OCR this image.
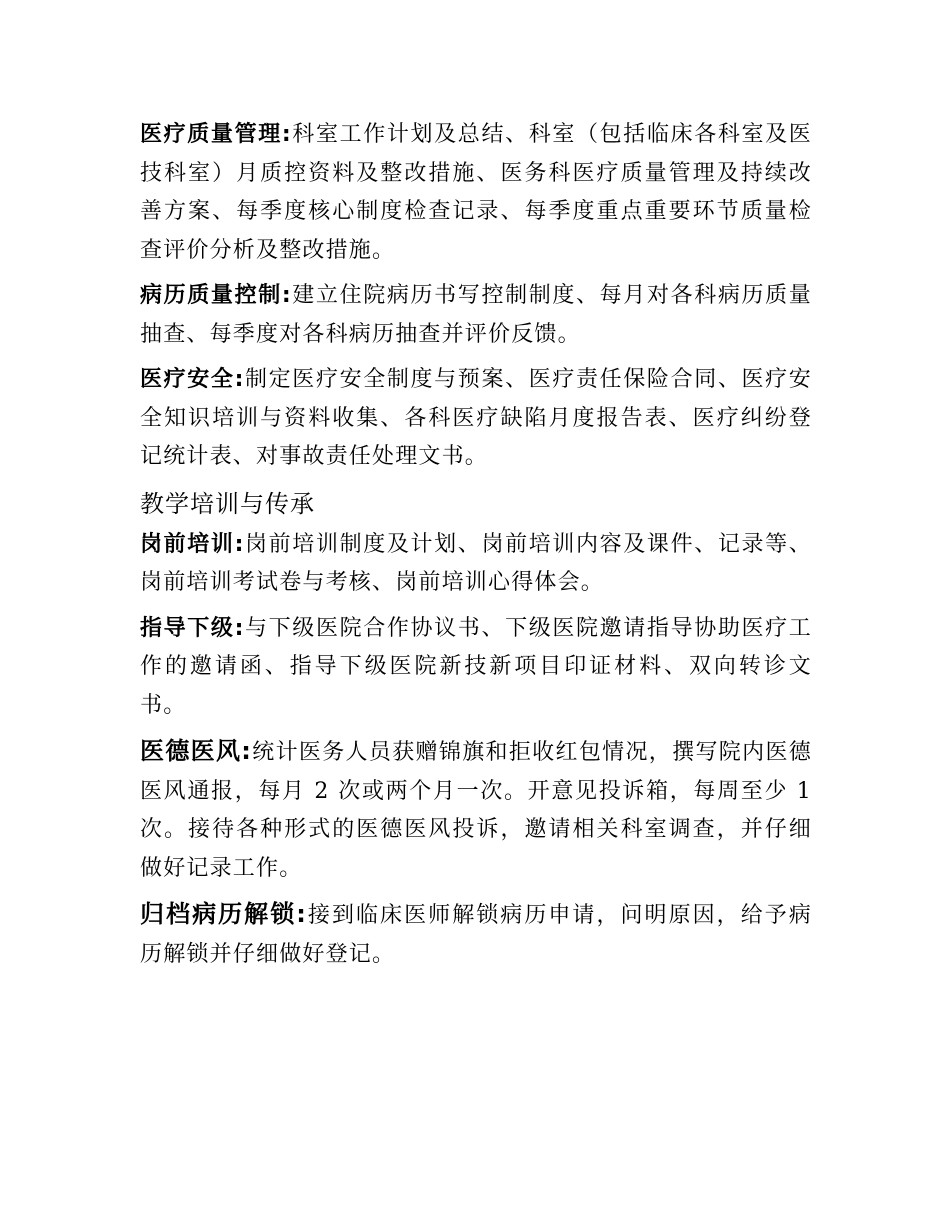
医疗质量管理:科室工作计划及总结、科室（包括临床各科室及医技科室）月质控资料及整改措施、医务科医疗质量管理及持续改善方案、每季度核心制度检查记录、每季度重点重要环节质量检查评价分析及整改措施。

病历质量控制:建立住院病历书写控制制度、每月对各科病历质量抽查、每季度对各科病历抽查并评价反馈。

医疗安全:制定医疗安全制度与预案、医疗责任保险合同、医疗安全知识培训与资料收集、各科医疗缺陷月度报告表、医疗纠纷登记统计表、对事故责任处理文书。

教学培训与传承

岗前培训:岗前培训制度及计划、岗前培训内容及课件、记录等、岗前培训考试卷与考核、岗前培训心得体会。

指导下级:与下级医院合作协议书、下级医院邀请指导协助医疗工作的邀请函、指导下级医院新技新项目印证材料、双向转诊文书。

医德医风:统计医务人员获赠锦旗和拒收红包情况，撰写院内医德医风通报，每月 2 次或两个月一次。开意见投诉箱，每周至少 1 次。接待各种形式的医德医风投诉，邀请相关科室调查，并仔细做好记录工作。

归档病历解锁:接到临床医师解锁病历申请，问明原因，给予病历解锁并仔细做好登记。
